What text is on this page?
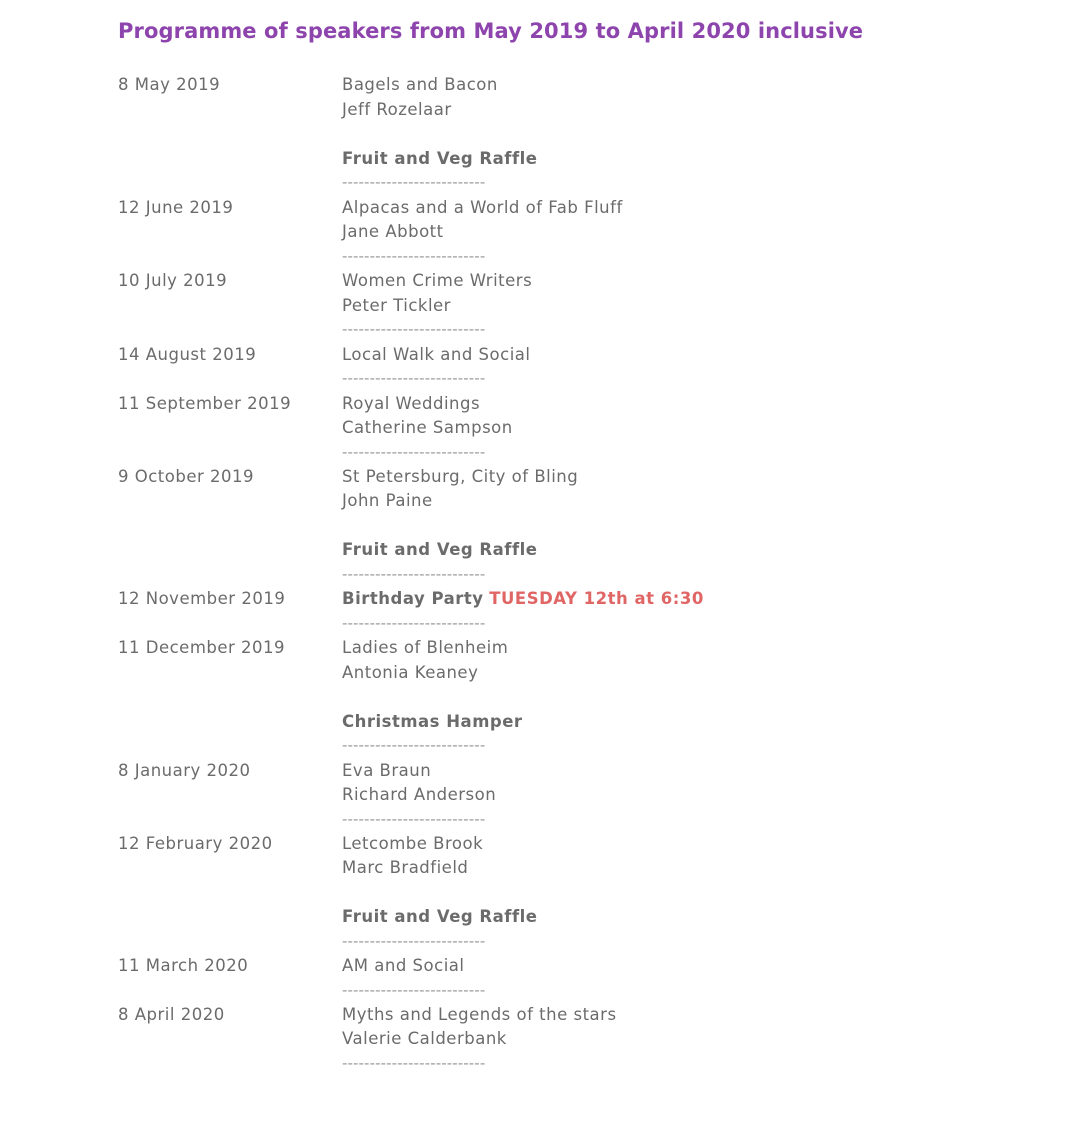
Programme of speakers from May 2019 to April 2020 inclusive
8 May 2019	Bagels and Bacon
Jeff Rozelaar
Fruit and Veg Raffle
--------------------------
12 June 2019	Alpacas and a World of Fab Fluff
Jane Abbott
--------------------------
10 July 2019	Women Crime Writers
Peter Tickler
--------------------------
14 August 2019	Local Walk and Social
--------------------------
11 September 2019	Royal Weddings
Catherine Sampson
--------------------------
9 October 2019	St Petersburg, City of Bling
John Paine
Fruit and Veg Raffle
--------------------------
12 November 2019	Birthday Party TUESDAY 12th at 6:30
--------------------------
11 December 2019	Ladies of Blenheim
Antonia Keaney
Christmas Hamper
--------------------------
8 January 2020	Eva Braun
Richard Anderson
--------------------------
12 February 2020	Letcombe Brook
Marc Bradfield
Fruit and Veg Raffle
--------------------------
11 March 2020	AM and Social
--------------------------
8 April 2020	Myths and Legends of the stars
Valerie Calderbank
--------------------------
